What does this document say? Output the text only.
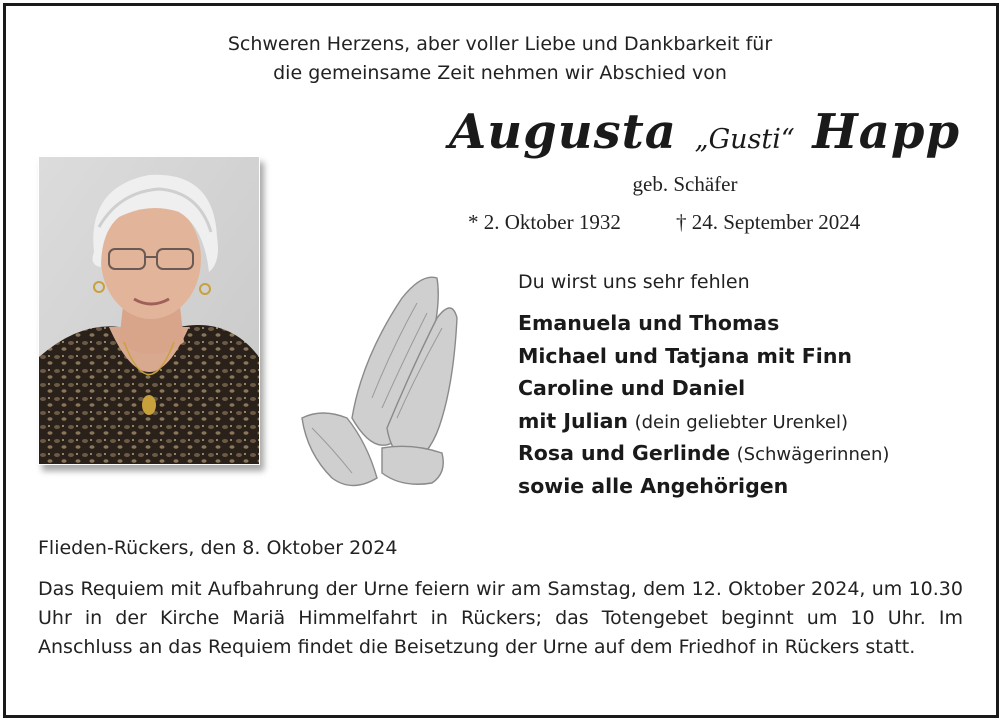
Schweren Herzens, aber voller Liebe und Dankbarkeit für
die gemeinsame Zeit nehmen wir Abschied von
Augusta „Gusti“ Happ
geb. Schäfer
* 2. Oktober 1932	† 24. September 2024
Du wirst uns sehr fehlen
Emanuela und Thomas
Michael und Tatjana mit Finn
Caroline und Daniel
mit Julian (dein geliebter Urenkel)
Rosa und Gerlinde (Schwägerinnen)
sowie alle Angehörigen
Flieden-Rückers, den 8. Oktober 2024
Das Requiem mit Aufbahrung der Urne feiern wir am Samstag, dem 12. Oktober 2024, um 10.30 Uhr in der Kirche Mariä Himmelfahrt in Rückers; das Totengebet beginnt um 10 Uhr. Im Anschluss an das Requiem findet die Beisetzung der Urne auf dem Friedhof in Rückers statt.
